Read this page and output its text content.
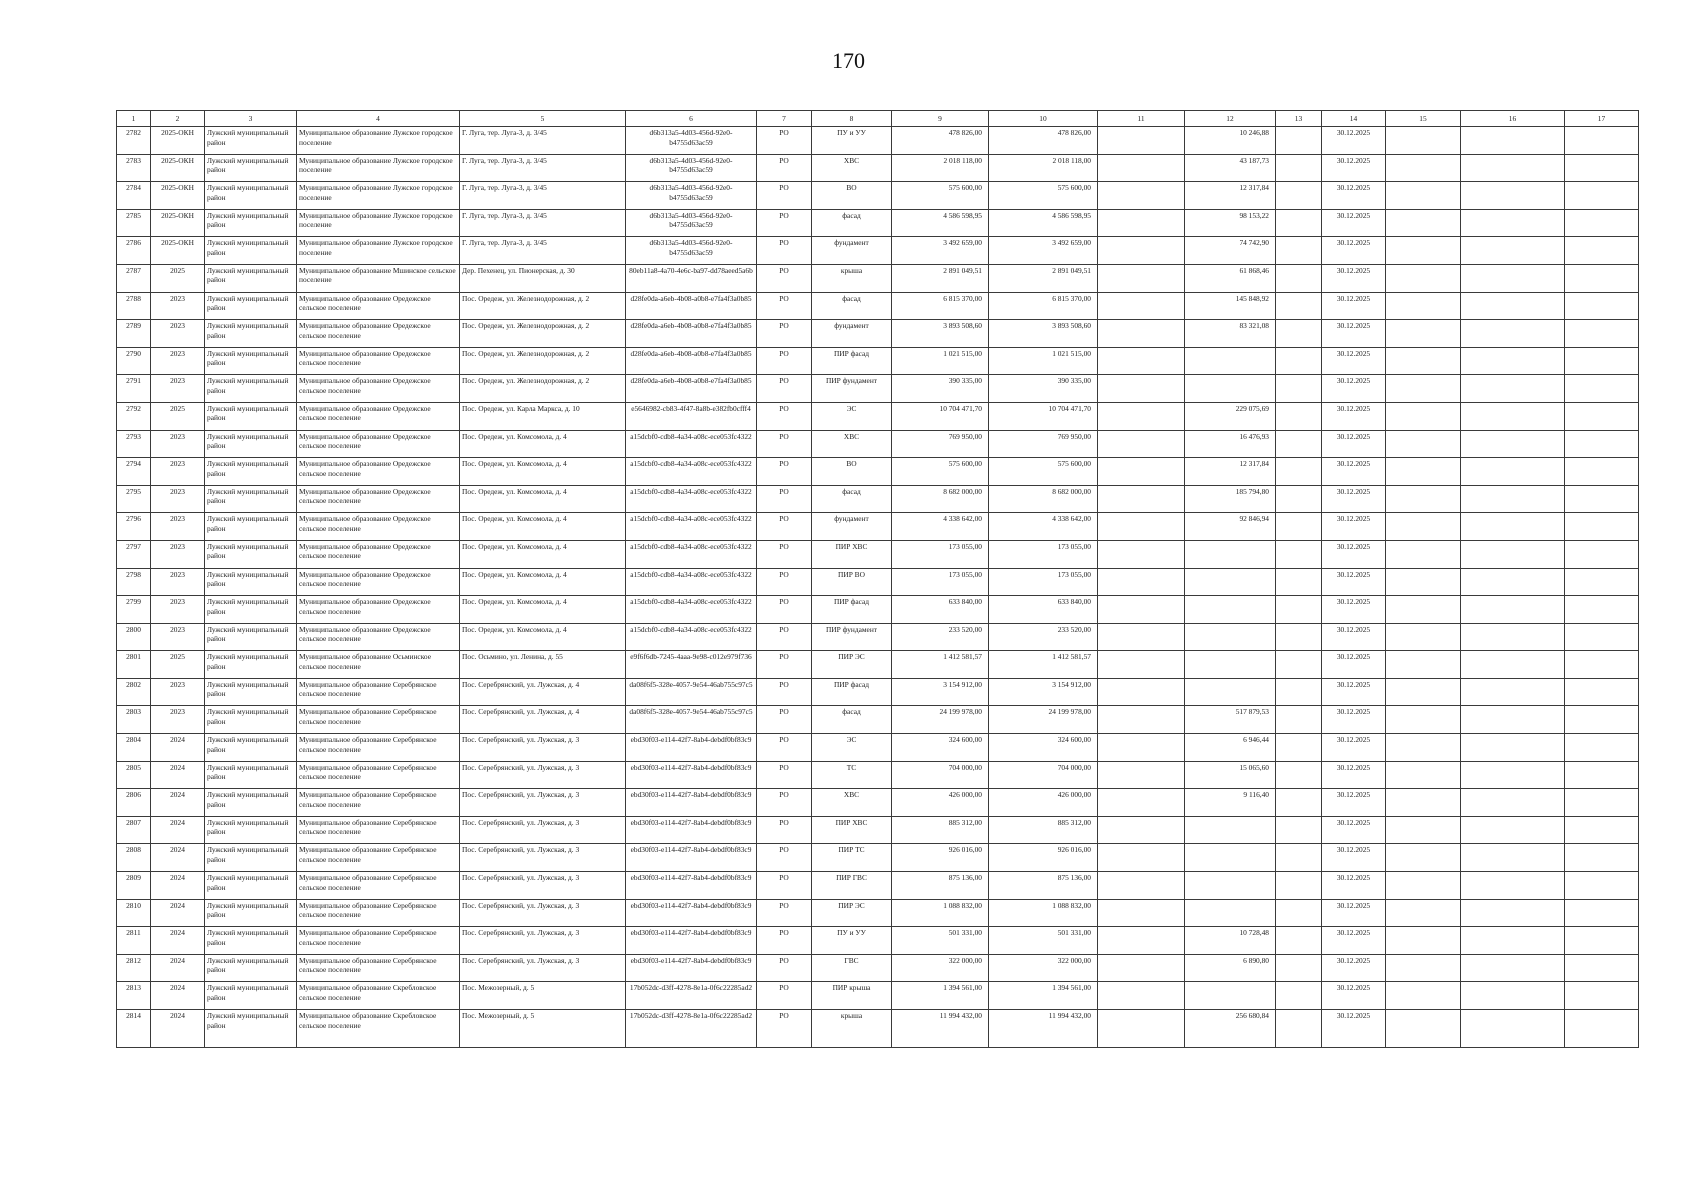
170
1	2	3	4	5	6	7	8	9	10	11	12	13	14	15	16	17
2782	2025-ОКН	Лужский муниципальный район	Муниципальное образование Лужское городское поселение	Г. Луга, тер. Луга-3, д. 3/45	d6b313a5-4d03-456d-92e0-b4755d63ac59	РО	ПУ и УУ	478 826,00	478 826,00		10 246,88		30.12.2025			
2783	2025-ОКН	Лужский муниципальный район	Муниципальное образование Лужское городское поселение	Г. Луга, тер. Луга-3, д. 3/45	d6b313a5-4d03-456d-92e0-b4755d63ac59	РО	ХВС	2 018 118,00	2 018 118,00		43 187,73		30.12.2025			
2784	2025-ОКН	Лужский муниципальный район	Муниципальное образование Лужское городское поселение	Г. Луга, тер. Луга-3, д. 3/45	d6b313a5-4d03-456d-92e0-b4755d63ac59	РО	ВО	575 600,00	575 600,00		12 317,84		30.12.2025			
2785	2025-ОКН	Лужский муниципальный район	Муниципальное образование Лужское городское поселение	Г. Луга, тер. Луга-3, д. 3/45	d6b313a5-4d03-456d-92e0-b4755d63ac59	РО	фасад	4 586 598,95	4 586 598,95		98 153,22		30.12.2025			
2786	2025-ОКН	Лужский муниципальный район	Муниципальное образование Лужское городское поселение	Г. Луга, тер. Луга-3, д. 3/45	d6b313a5-4d03-456d-92e0-b4755d63ac59	РО	фундамент	3 492 659,00	3 492 659,00		74 742,90		30.12.2025			
2787	2025	Лужский муниципальный район	Муниципальное образование Мшинское сельское поселение	Дер. Пехенец, ул. Пионерская, д. 30	80eb11a8-4a70-4e6c-ba97-dd78aeed5a6b	РО	крыша	2 891 049,51	2 891 049,51		61 868,46		30.12.2025			
2788	2023	Лужский муниципальный район	Муниципальное образование Оредежское сельское поселение	Пос. Оредеж, ул. Железнодорожная, д. 2	d28fe0da-a6eb-4b08-a0b8-e7fa4f3a0b85	РО	фасад	6 815 370,00	6 815 370,00		145 848,92		30.12.2025			
2789	2023	Лужский муниципальный район	Муниципальное образование Оредежское сельское поселение	Пос. Оредеж, ул. Железнодорожная, д. 2	d28fe0da-a6eb-4b08-a0b8-e7fa4f3a0b85	РО	фундамент	3 893 508,60	3 893 508,60		83 321,08		30.12.2025			
2790	2023	Лужский муниципальный район	Муниципальное образование Оредежское сельское поселение	Пос. Оредеж, ул. Железнодорожная, д. 2	d28fe0da-a6eb-4b08-a0b8-e7fa4f3a0b85	РО	ПИР фасад	1 021 515,00	1 021 515,00				30.12.2025			
2791	2023	Лужский муниципальный район	Муниципальное образование Оредежское сельское поселение	Пос. Оредеж, ул. Железнодорожная, д. 2	d28fe0da-a6eb-4b08-a0b8-e7fa4f3a0b85	РО	ПИР фундамент	390 335,00	390 335,00				30.12.2025			
2792	2025	Лужский муниципальный район	Муниципальное образование Оредежское сельское поселение	Пос. Оредеж, ул. Карла Маркса, д. 10	e5646982-cb83-4f47-8a8b-e382fb0cfff4	РО	ЭС	10 704 471,70	10 704 471,70		229 075,69		30.12.2025			
2793	2023	Лужский муниципальный район	Муниципальное образование Оредежское сельское поселение	Пос. Оредеж, ул. Комсомола, д. 4	a15dcbf0-cdb8-4a34-a08c-ece053fc4322	РО	ХВС	769 950,00	769 950,00		16 476,93		30.12.2025			
2794	2023	Лужский муниципальный район	Муниципальное образование Оредежское сельское поселение	Пос. Оредеж, ул. Комсомола, д. 4	a15dcbf0-cdb8-4a34-a08c-ece053fc4322	РО	ВО	575 600,00	575 600,00		12 317,84		30.12.2025			
2795	2023	Лужский муниципальный район	Муниципальное образование Оредежское сельское поселение	Пос. Оредеж, ул. Комсомола, д. 4	a15dcbf0-cdb8-4a34-a08c-ece053fc4322	РО	фасад	8 682 000,00	8 682 000,00		185 794,80		30.12.2025			
2796	2023	Лужский муниципальный район	Муниципальное образование Оредежское сельское поселение	Пос. Оредеж, ул. Комсомола, д. 4	a15dcbf0-cdb8-4a34-a08c-ece053fc4322	РО	фундамент	4 338 642,00	4 338 642,00		92 846,94		30.12.2025			
2797	2023	Лужский муниципальный район	Муниципальное образование Оредежское сельское поселение	Пос. Оредеж, ул. Комсомола, д. 4	a15dcbf0-cdb8-4a34-a08c-ece053fc4322	РО	ПИР ХВС	173 055,00	173 055,00				30.12.2025			
2798	2023	Лужский муниципальный район	Муниципальное образование Оредежское сельское поселение	Пос. Оредеж, ул. Комсомола, д. 4	a15dcbf0-cdb8-4a34-a08c-ece053fc4322	РО	ПИР ВО	173 055,00	173 055,00				30.12.2025			
2799	2023	Лужский муниципальный район	Муниципальное образование Оредежское сельское поселение	Пос. Оредеж, ул. Комсомола, д. 4	a15dcbf0-cdb8-4a34-a08c-ece053fc4322	РО	ПИР фасад	633 840,00	633 840,00				30.12.2025			
2800	2023	Лужский муниципальный район	Муниципальное образование Оредежское сельское поселение	Пос. Оредеж, ул. Комсомола, д. 4	a15dcbf0-cdb8-4a34-a08c-ece053fc4322	РО	ПИР фундамент	233 520,00	233 520,00				30.12.2025			
2801	2025	Лужский муниципальный район	Муниципальное образование Осьминское сельское поселение	Пос. Осьмино, ул. Ленина, д. 55	e9f6f6db-7245-4aaa-9e98-c012e979f736	РО	ПИР ЭС	1 412 581,57	1 412 581,57				30.12.2025			
2802	2023	Лужский муниципальный район	Муниципальное образование Серебрянское сельское поселение	Пос. Серебрянский, ул. Лужская, д. 4	da08f6f5-328e-4057-9e54-46ab755c97c5	РО	ПИР фасад	3 154 912,00	3 154 912,00				30.12.2025			
2803	2023	Лужский муниципальный район	Муниципальное образование Серебрянское сельское поселение	Пос. Серебрянский, ул. Лужская, д. 4	da08f6f5-328e-4057-9e54-46ab755c97c5	РО	фасад	24 199 978,00	24 199 978,00		517 879,53		30.12.2025			
2804	2024	Лужский муниципальный район	Муниципальное образование Серебрянское сельское поселение	Пос. Серебрянский, ул. Лужская, д. 3	ebd30f03-e114-42f7-8ab4-debdf0bf83c9	РО	ЭС	324 600,00	324 600,00		6 946,44		30.12.2025			
2805	2024	Лужский муниципальный район	Муниципальное образование Серебрянское сельское поселение	Пос. Серебрянский, ул. Лужская, д. 3	ebd30f03-e114-42f7-8ab4-debdf0bf83c9	РО	ТС	704 000,00	704 000,00		15 065,60		30.12.2025			
2806	2024	Лужский муниципальный район	Муниципальное образование Серебрянское сельское поселение	Пос. Серебрянский, ул. Лужская, д. 3	ebd30f03-e114-42f7-8ab4-debdf0bf83c9	РО	ХВС	426 000,00	426 000,00		9 116,40		30.12.2025			
2807	2024	Лужский муниципальный район	Муниципальное образование Серебрянское сельское поселение	Пос. Серебрянский, ул. Лужская, д. 3	ebd30f03-e114-42f7-8ab4-debdf0bf83c9	РО	ПИР ХВС	885 312,00	885 312,00				30.12.2025			
2808	2024	Лужский муниципальный район	Муниципальное образование Серебрянское сельское поселение	Пос. Серебрянский, ул. Лужская, д. 3	ebd30f03-e114-42f7-8ab4-debdf0bf83c9	РО	ПИР ТС	926 016,00	926 016,00				30.12.2025			
2809	2024	Лужский муниципальный район	Муниципальное образование Серебрянское сельское поселение	Пос. Серебрянский, ул. Лужская, д. 3	ebd30f03-e114-42f7-8ab4-debdf0bf83c9	РО	ПИР ГВС	875 136,00	875 136,00				30.12.2025			
2810	2024	Лужский муниципальный район	Муниципальное образование Серебрянское сельское поселение	Пос. Серебрянский, ул. Лужская, д. 3	ebd30f03-e114-42f7-8ab4-debdf0bf83c9	РО	ПИР ЭС	1 088 832,00	1 088 832,00				30.12.2025			
2811	2024	Лужский муниципальный район	Муниципальное образование Серебрянское сельское поселение	Пос. Серебрянский, ул. Лужская, д. 3	ebd30f03-e114-42f7-8ab4-debdf0bf83c9	РО	ПУ и УУ	501 331,00	501 331,00		10 728,48		30.12.2025			
2812	2024	Лужский муниципальный район	Муниципальное образование Серебрянское сельское поселение	Пос. Серебрянский, ул. Лужская, д. 3	ebd30f03-e114-42f7-8ab4-debdf0bf83c9	РО	ГВС	322 000,00	322 000,00		6 890,80		30.12.2025			
2813	2024	Лужский муниципальный район	Муниципальное образование Скребловское сельское поселение	Пос. Межозерный, д. 5	17b052dc-d3ff-4278-8e1a-0f6c22285ad2	РО	ПИР крыша	1 394 561,00	1 394 561,00				30.12.2025			
2814	2024	Лужский муниципальный район	Муниципальное образование Скребловское сельское поселение	Пос. Межозерный, д. 5	17b052dc-d3ff-4278-8e1a-0f6c22285ad2	РО	крыша	11 994 432,00	11 994 432,00		256 680,84		30.12.2025			
